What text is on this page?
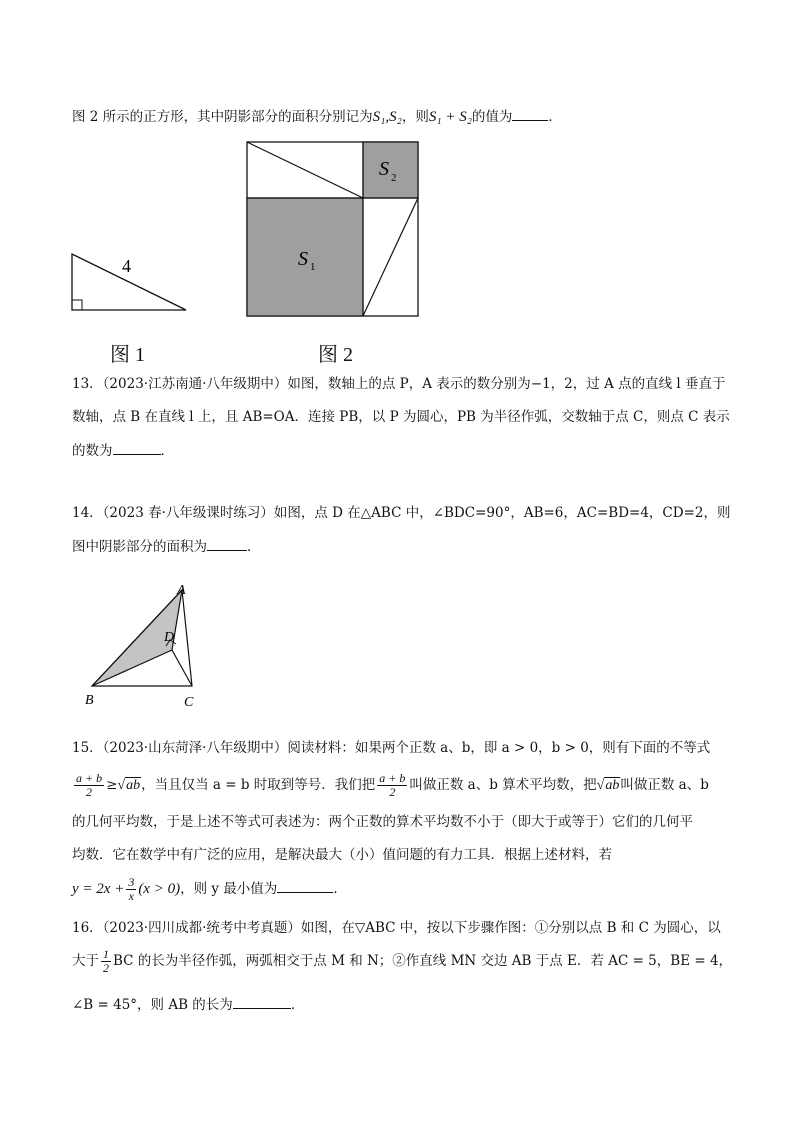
图 2 所示的正方形，其中阴影部分的面积分别记为S₁,S₂，则S₁ + S₂的值为	．
4
图 1
S 1
S 2
图 2
13．（2023·江苏南通·八年级期中）如图，数轴上的点 P，A 表示的数分别为−1，2，过 A 点的直线 l 垂直于
数轴，点 B 在直线 l 上，且 AB=OA．连接 PB，以 P 为圆心，PB 为半径作弧，交数轴于点 C，则点 C 表示
的数为	．
14．（2023 春·八年级课时练习）如图，点 D 在△ABC 中，∠BDC=90°，AB=6，AC=BD=4，CD=2，则
图中阴影部分的面积为	．
A
D
B	C
15．（2023·山东菏泽·八年级期中）阅读材料：如果两个正数 a、b，即 a > 0，b > 0，则有下面的不等式
$\frac{a + b}{2} \ge√ab$，当且仅当 a = b 时取到等号．我们把 $\frac{a + b}{2}$ 叫做正数 a、b 算术平均数，把√ab叫做正数 a、b
的几何平均数，于是上述不等式可表述为：两个正数的算术平均数不小于（即大于或等于）它们的几何平
均数．它在数学中有广泛的应用，是解决最大（小）值问题的有力工具．根据上述材料，若
$y = 2x + \frac{3}{x} (x > 0)$，则 y 最小值为	．
16．（2023·四川成都·统考中考真题）如图，在▽ABC 中，按以下步骤作图：①分别以点 B 和 C 为圆心，以
大于 $\frac{1}{2}$ BC 的长为半径作弧，两弧相交于点 M 和 N；②作直线 MN 交边 AB 于点 E．若 AC = 5，BE = 4，
∠B = 45°，则 AB 的长为	．
